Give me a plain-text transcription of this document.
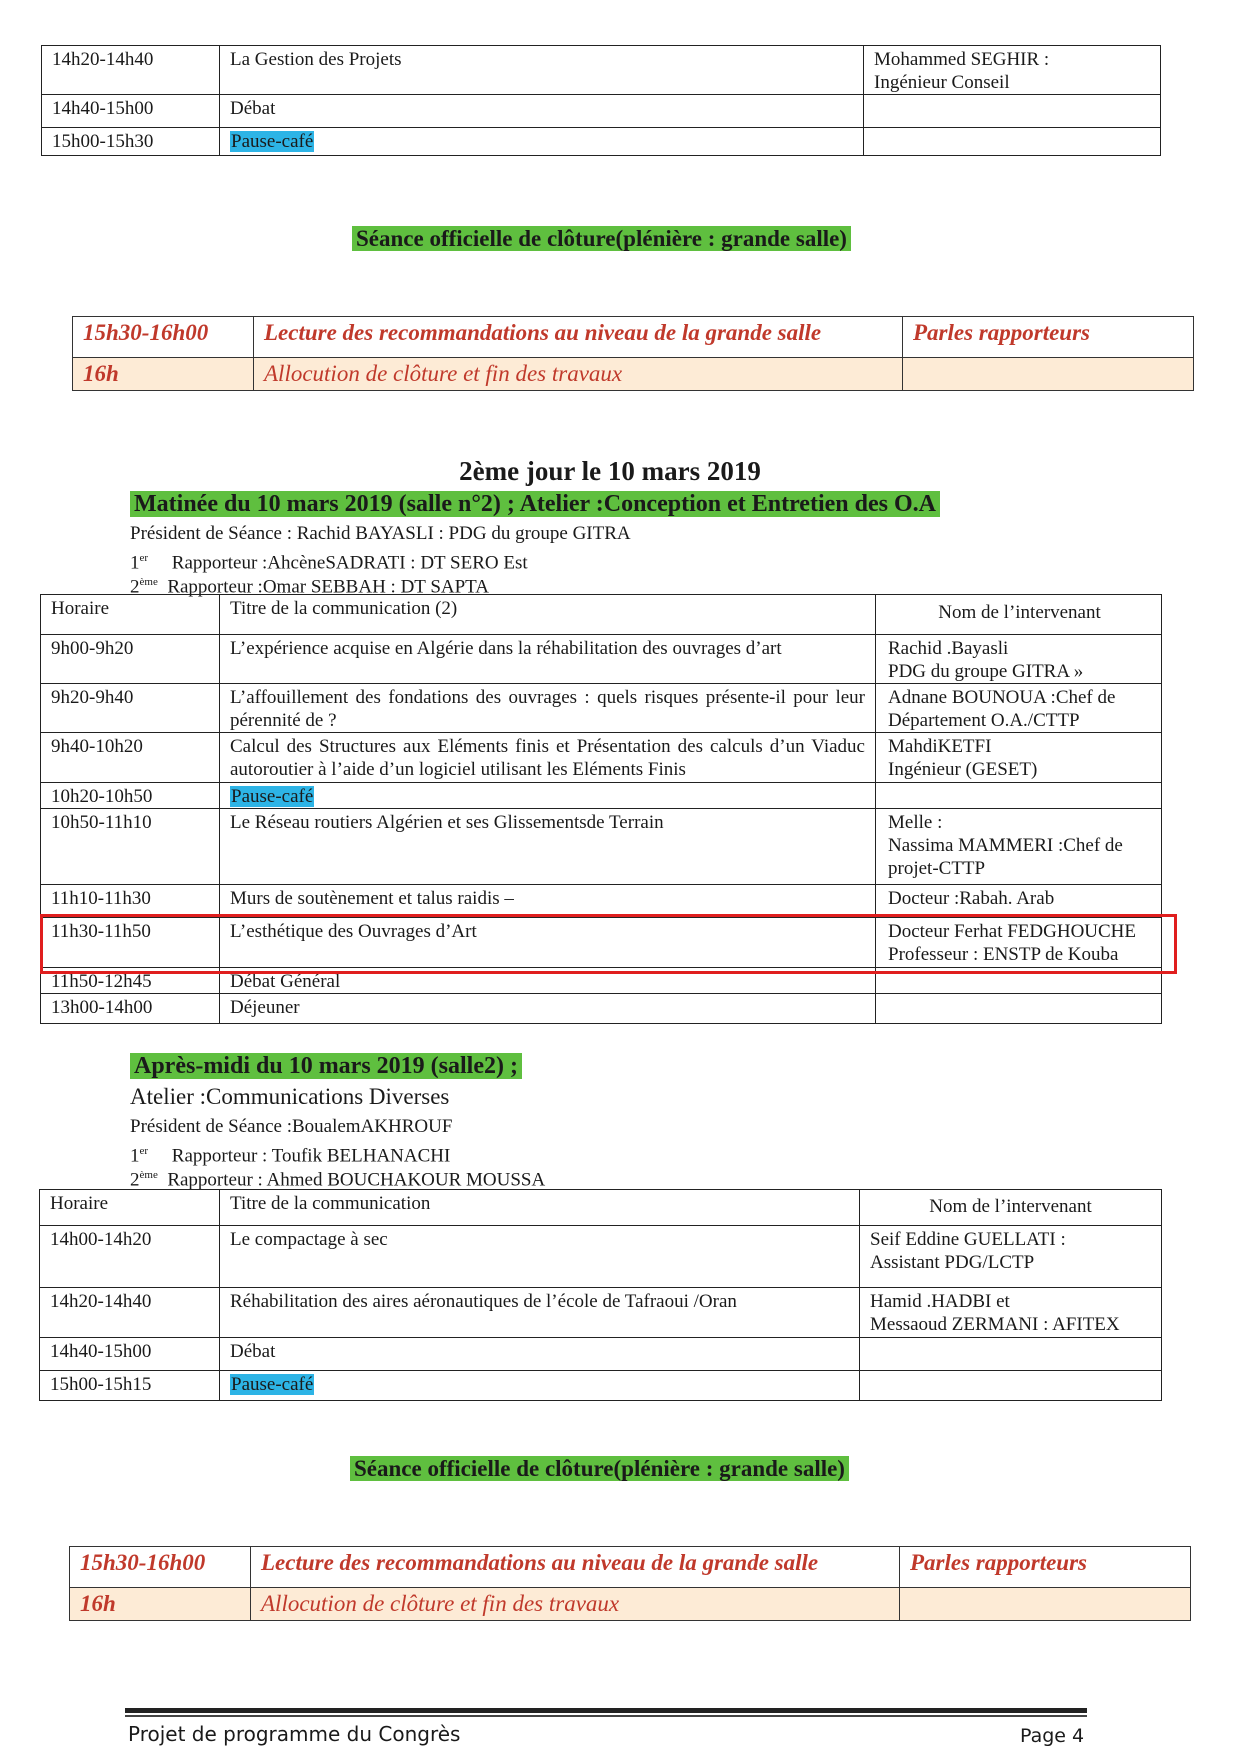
14h20-14h40	La Gestion des Projets	Mohammed SEGHIR :
Ingénieur Conseil
14h40-15h00	Débat	
15h00-15h30	Pause-café	
Séance officielle de clôture(plénière : grande salle)
15h30-16h00	Lecture des recommandations au niveau de la grande salle	Parles rapporteurs
16h	Allocution de clôture et fin des travaux	
2ème jour le 10 mars 2019
Matinée du 10 mars 2019 (salle n°2) ; Atelier :Conception et Entretien des O.A
Président de Séance : Rachid BAYASLI : PDG du groupe GITRA
1er Rapporteur :AhcèneSADRATI : DT SERO Est
2ème Rapporteur :Omar SEBBAH : DT SAPTA
Horaire	Titre de la communication (2)	Nom de l’intervenant
9h00-9h20	L’expérience acquise en Algérie dans la réhabilitation des ouvrages d’art	Rachid .Bayasli
PDG du groupe GITRA »
9h20-9h40	L’affouillement des fondations des ouvrages : quels risques présente-il pour leur pérennité de ?	Adnane BOUNOUA :Chef de Département O.A./CTTP
9h40-10h20	Calcul des Structures aux Eléments finis et Présentation des calculs d’un Viaduc autoroutier à l’aide d’un logiciel utilisant les Eléments Finis	MahdiKETFI
Ingénieur (GESET)
10h20-10h50	Pause-café	
10h50-11h10	Le Réseau routiers Algérien et ses Glissementsde Terrain	Melle :
Nassima MAMMERI :Chef de projet-CTTP
11h10-11h30	Murs de soutènement et talus raidis –	Docteur :Rabah. Arab
11h30-11h50	L’esthétique des Ouvrages d’Art	Docteur Ferhat FEDGHOUCHE
Professeur : ENSTP de Kouba
11h50-12h45	Débat Général	
13h00-14h00	Déjeuner	
Après-midi du 10 mars 2019 (salle2) ;
Atelier :Communications Diverses
Président de Séance :BoualemAKHROUF
1er Rapporteur : Toufik BELHANACHI
2ème Rapporteur : Ahmed BOUCHAKOUR MOUSSA
Horaire	Titre de la communication	Nom de l’intervenant
14h00-14h20	Le compactage à sec	Seif Eddine GUELLATI :
Assistant PDG/LCTP
14h20-14h40	Réhabilitation des aires aéronautiques de l’école de Tafraoui /Oran	Hamid .HADBI et
Messaoud ZERMANI : AFITEX
14h40-15h00	Débat	
15h00-15h15	Pause-café	
Séance officielle de clôture(plénière : grande salle)
15h30-16h00	Lecture des recommandations au niveau de la grande salle	Parles rapporteurs
16h	Allocution de clôture et fin des travaux	
Projet de programme du Congrès	Page 4
